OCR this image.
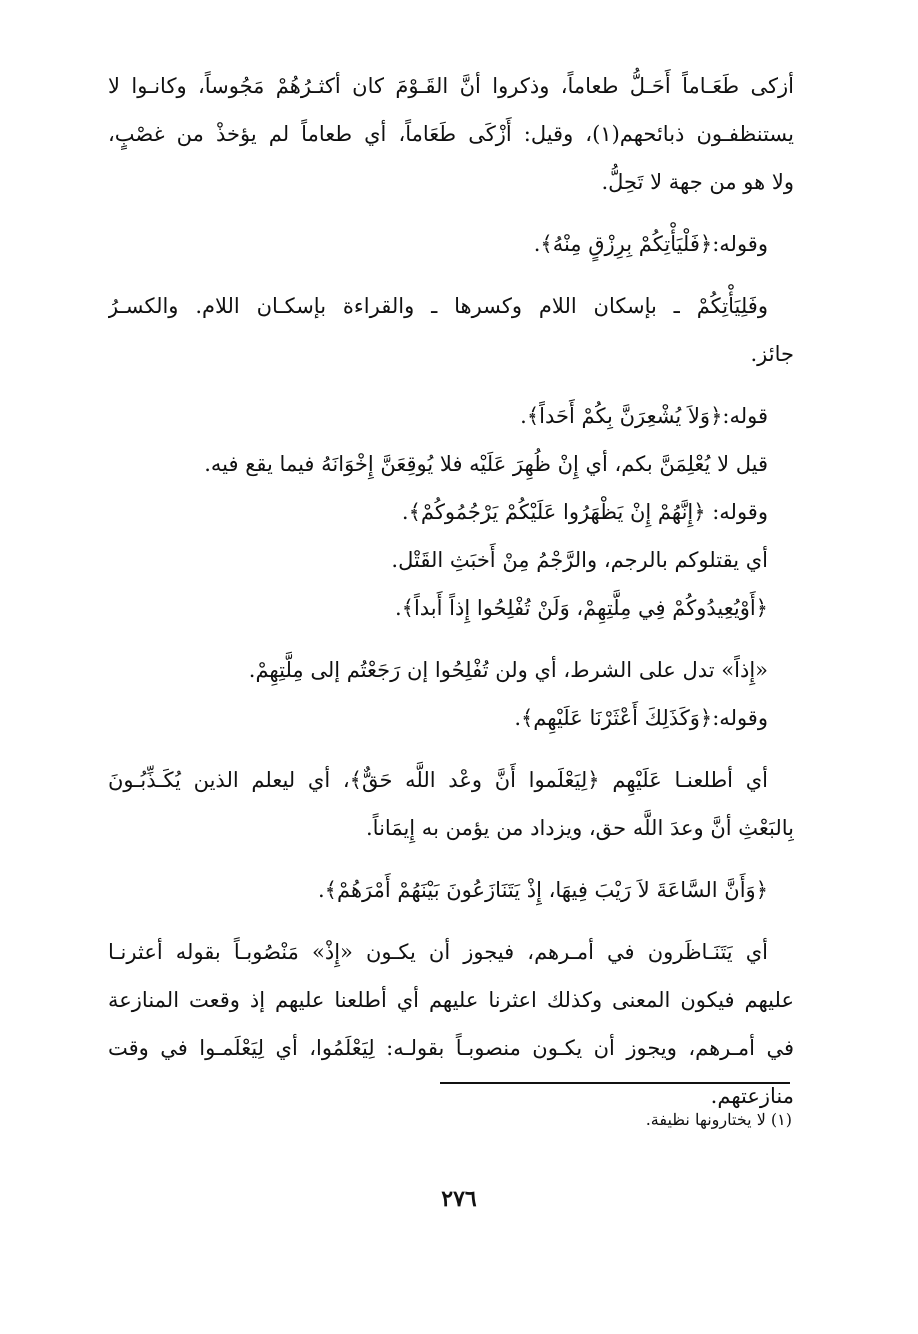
أزكى طَعَـاماً أَحَـلُّ طعاماً، وذكروا أنَّ القَـوْمَ كان أكثـرُهُمْ مَجُوساً، وكانـوا لا
يستنظفـون ذبائحهم(١)، وقيل: أَزْكَى طَعَاماً، أي طعاماً لم يؤخذْ من غصْبٍ،
ولا هو من جهة لا تَحِلُّ.
وقوله:﴿فَلْيَأْتِكُمْ بِرِزْقٍ مِنْهُ﴾.
وفَلِيَأْتِكُمْ ـ بإسكان اللام وكسرها ـ والقراءة بإسكـان اللام. والكسـرُ
جائز.
قوله:﴿وَلاَ يُشْعِرَنَّ بِكُمْ أَحَداً﴾.
قيل لا يُعْلِمَنَّ بكم، أي إِنْ ظُهِرَ عَلَيْه فلا يُوقِعَنَّ إِخْوَانَهُ فيما يقع فيه.
وقوله: ﴿إِنَّهُمْ إِنْ يَظْهَرُوا عَلَيْكُمْ يَرْجُمُوكُمْ﴾.
أي يقتلوكم بالرجم، والرَّجْمُ مِنْ أَخبَثِ القَتْل.
﴿أَوْيُعِيدُوكُمْ فِي مِلَّتِهِمْ، وَلَنْ تُفْلِحُوا إِذاً أَبداً﴾.
«إِذاً» تدل على الشرط، أي ولن تُفْلِحُوا إن رَجَعْتُم إلى مِلَّتِهِمْ.
وقوله:﴿وَكَذَلِكَ أَعْثَرْنَا عَلَيْهِم﴾.
أي أطلعنـا عَلَيْهِم ﴿لِيَعْلَموا أَنَّ وعْد اللَّه حَقٌّ﴾، أي ليعلم الذين يُكَـذِّبُـونَ
بِالبَعْثِ أنَّ وعدَ اللَّه حق، ويزداد من يؤمن به إِيمَاناً.
﴿وَأَنَّ السَّاعَةَ لاَ رَيْبَ فِيهَا، إِذْ يَتَنَازَعُونَ بَيْنَهُمْ أَمْرَهُمْ﴾.
أي يَتَنَـاظَرون في أمـرهم، فيجوز أن يكـون «إِذْ» مَنْصُوبـاً بقوله أعثرنـا
عليهم فيكون المعنى وكذلك اعثرنا عليهم أي أطلعنا عليهم إذ وقعت المنازعة
في أمـرهم، ويجوز أن يكـون منصوبـاً بقولـه: لِيَعْلَمُوا، أي لِيَعْلَمـوا في وقت
منازعتهم.
(١) لا يختارونها نظيفة.
٢٧٦
